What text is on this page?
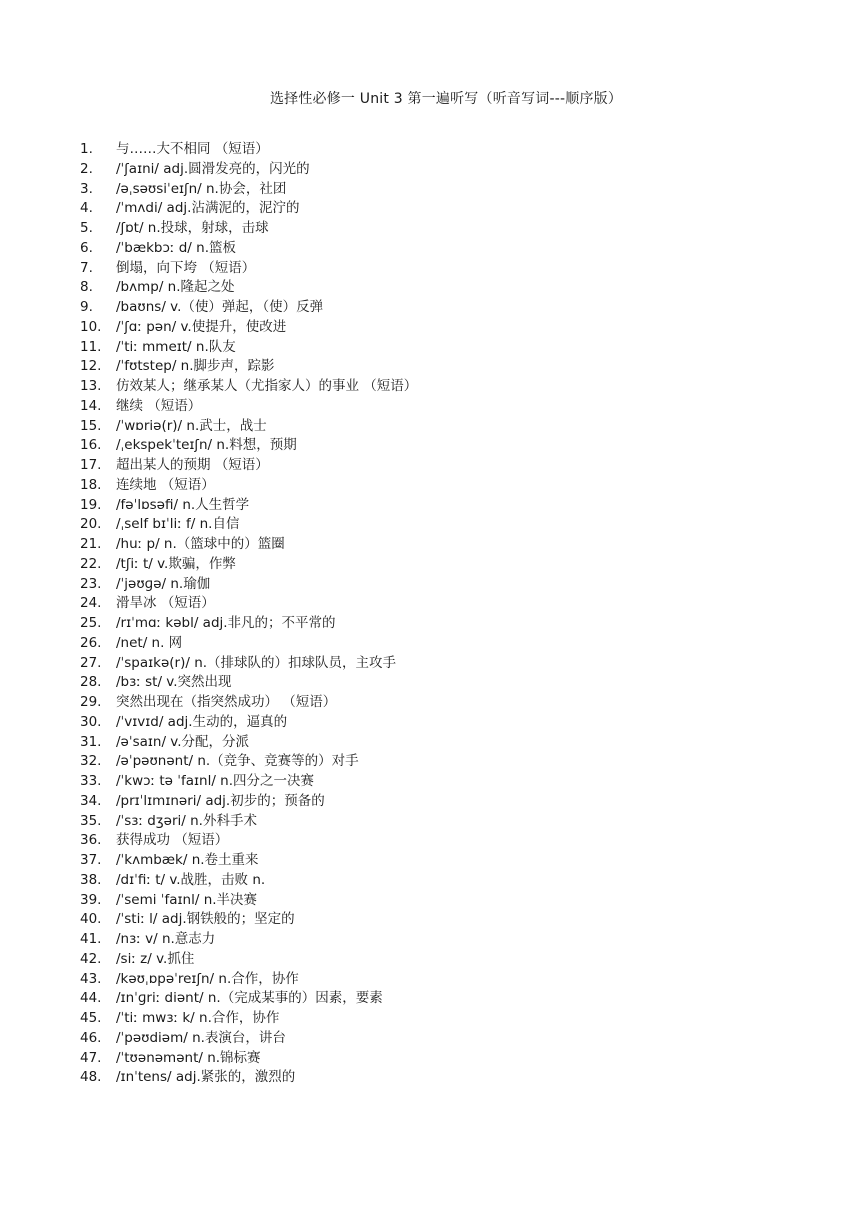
选择性必修一 Unit 3 第一遍听写（听音写词---顺序版）
1.	与……大不相同 （短语）
2.	/ˈʃaɪni/ adj.圆滑发亮的，闪光的
3.	/əˌsəʊsiˈeɪʃn/ n.协会，社团
4.	/ˈmʌdi/ adj.沾满泥的，泥泞的
5.	/ʃɒt/ n.投球，射球，击球
6.	/ˈbækbɔː d/ n.篮板
7.	倒塌，向下垮 （短语）
8.	/bʌmp/ n.隆起之处
9.	/baʊns/ v.（使）弹起，（使）反弹
10.	/ˈʃɑː pən/ v.使提升，使改进
11.	/ˈtiː mmeɪt/ n.队友
12.	/ˈfʊtstep/ n.脚步声，踪影
13.	仿效某人；继承某人（尤指家人）的事业 （短语）
14.	继续 （短语）
15.	/ˈwɒriə(r)/ n.武士，战士
16.	/ˌekspekˈteɪʃn/ n.料想，预期
17.	超出某人的预期 （短语）
18.	连续地 （短语）
19.	/fəˈlɒsəfi/ n.人生哲学
20.	/ˌself bɪˈliː f/ n.自信
21.	/huː p/ n.（篮球中的）篮圈
22.	/tʃiː t/ v.欺骗，作弊
23.	/ˈjəʊɡə/ n.瑜伽
24.	滑旱冰 （短语）
25.	/rɪˈmɑː kəbl/ adj.非凡的；不平常的
26.	/net/ n. 网
27.	/ˈspaɪkə(r)/ n.（排球队的）扣球队员，主攻手
28.	/bɜː st/ v.突然出现
29.	突然出现在（指突然成功） （短语）
30.	/ˈvɪvɪd/ adj.生动的，逼真的
31.	/əˈsaɪn/ v.分配，分派
32.	/əˈpəʊnənt/ n.（竞争、竞赛等的）对手
33.	/ˈkwɔː tə ˈfaɪnl/ n.四分之一决赛
34.	/prɪˈlɪmɪnəri/ adj.初步的；预备的
35.	/ˈsɜː dʒəri/ n.外科手术
36.	获得成功 （短语）
37.	/ˈkʌmbæk/ n.卷土重来
38.	/dɪˈfiː t/ v.战胜，击败 n.
39.	/ˈsemi ˈfaɪnl/ n.半决赛
40.	/ˈstiː l/ adj.钢铁般的；坚定的
41.	/nɜː v/ n.意志力
42.	/siː z/ v.抓住
43.	/kəʊˌɒpəˈreɪʃn/ n.合作，协作
44.	/ɪnˈɡriː diənt/ n.（完成某事的）因素，要素
45.	/ˈtiː mwɜː k/ n.合作，协作
46.	/ˈpəʊdiəm/ n.表演台，讲台
47.	/ˈtʊənəmənt/ n.锦标赛
48.	/ɪnˈtens/ adj.紧张的，激烈的
